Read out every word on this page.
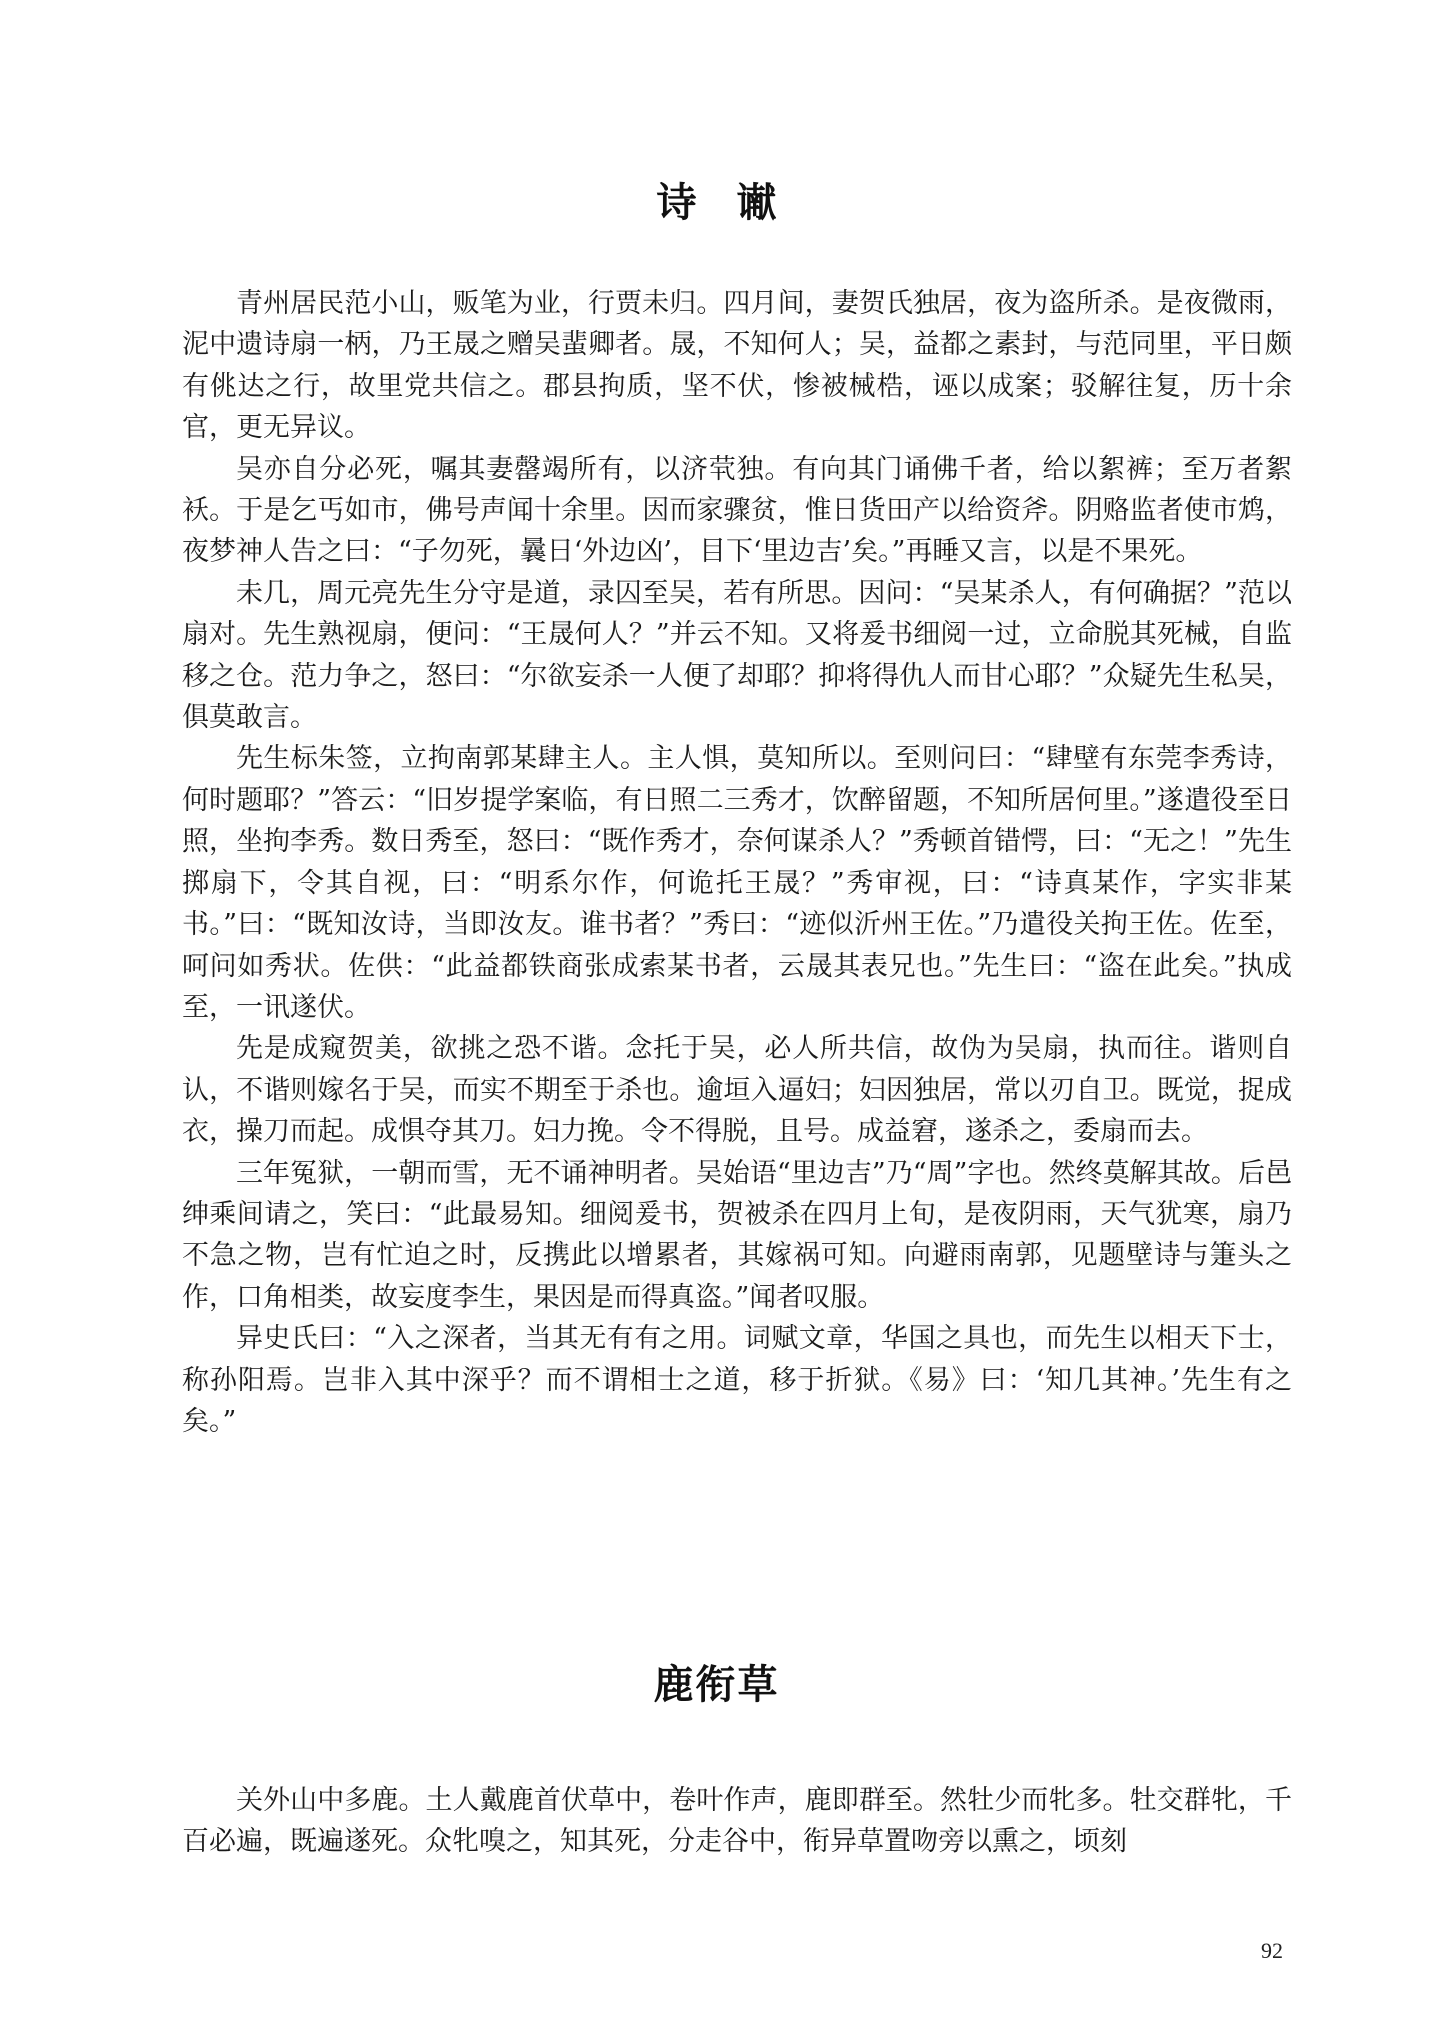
诗谳

青州居民范小山，贩笔为业，行贾未归。四月间，妻贺氏独居，夜为盗所杀。是夜微雨，泥中遗诗扇一柄，乃王晟之赠吴蜚卿者。晟，不知何人；吴，益都之素封，与范同里，平日颇有佻达之行，故里党共信之。郡县拘质，坚不伏，惨被械梏，诬以成案；驳解往复，历十余官，更无异议。

吴亦自分必死，嘱其妻罄竭所有，以济茕独。有向其门诵佛千者，给以絮裤；至万者絮袄。于是乞丐如市，佛号声闻十余里。因而家骤贫，惟日货田产以给资斧。阴赂监者使市鸩，夜梦神人告之曰：“子勿死，曩日‘外边凶’，目下‘里边吉’矣。”再睡又言，以是不果死。

未几，周元亮先生分守是道，录囚至吴，若有所思。因问：“吴某杀人，有何确据？”范以扇对。先生熟视扇，便问：“王晟何人？”并云不知。又将爰书细阅一过，立命脱其死械，自监移之仓。范力争之，怒曰：“尔欲妄杀一人便了却耶？抑将得仇人而甘心耶？”众疑先生私吴，俱莫敢言。

先生标朱签，立拘南郭某肆主人。主人惧，莫知所以。至则问曰：“肆壁有东莞李秀诗，何时题耶？”答云：“旧岁提学案临，有日照二三秀才，饮醉留题，不知所居何里。”遂遣役至日照，坐拘李秀。数日秀至，怒曰：“既作秀才，奈何谋杀人？”秀顿首错愕，曰：“无之！”先生掷扇下，令其自视，曰：“明系尔作，何诡托王晟？”秀审视，曰：“诗真某作，字实非某书。”曰：“既知汝诗，当即汝友。谁书者？”秀曰：“迹似沂州王佐。”乃遣役关拘王佐。佐至，呵问如秀状。佐供：“此益都铁商张成索某书者，云晟其表兄也。”先生曰：“盗在此矣。”执成至，一讯遂伏。

先是成窥贺美，欲挑之恐不谐。念托于吴，必人所共信，故伪为吴扇，执而往。谐则自认，不谐则嫁名于吴，而实不期至于杀也。逾垣入逼妇；妇因独居，常以刃自卫。既觉，捉成衣，操刀而起。成惧夺其刀。妇力挽。令不得脱，且号。成益窘，遂杀之，委扇而去。

三年冤狱，一朝而雪，无不诵神明者。吴始语“里边吉”乃“周”字也。然终莫解其故。后邑绅乘间请之，笑曰：“此最易知。细阅爰书，贺被杀在四月上旬，是夜阴雨，天气犹寒，扇乃不急之物，岂有忙迫之时，反携此以增累者，其嫁祸可知。向避雨南郭，见题壁诗与箑头之作，口角相类，故妄度李生，果因是而得真盗。”闻者叹服。

异史氏曰：“入之深者，当其无有有之用。词赋文章，华国之具也，而先生以相天下士，称孙阳焉。岂非入其中深乎？而不谓相士之道，移于折狱。《易》曰：‘知几其神。’先生有之矣。”

鹿衔草

关外山中多鹿。土人戴鹿首伏草中，卷叶作声，鹿即群至。然牡少而牝多。牡交群牝，千百必遍，既遍遂死。众牝嗅之，知其死，分走谷中，衔异草置吻旁以熏之，顷刻

92
